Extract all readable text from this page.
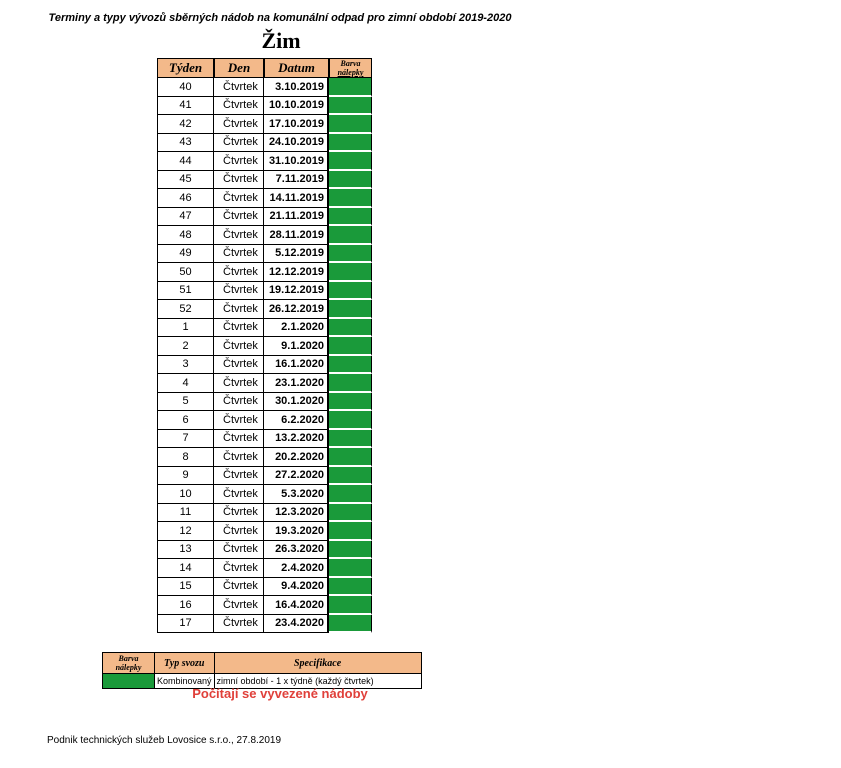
Terminy a typy vývozů sběrných nádob na komunální odpad pro zimní období 2019-2020
Žim
Týden	Den	Datum	Barva
nálepky
40	Čtvrtek	3.10.2019	
41	Čtvrtek	10.10.2019	
42	Čtvrtek	17.10.2019	
43	Čtvrtek	24.10.2019	
44	Čtvrtek	31.10.2019	
45	Čtvrtek	7.11.2019	
46	Čtvrtek	14.11.2019	
47	Čtvrtek	21.11.2019	
48	Čtvrtek	28.11.2019	
49	Čtvrtek	5.12.2019	
50	Čtvrtek	12.12.2019	
51	Čtvrtek	19.12.2019	
52	Čtvrtek	26.12.2019	
1	Čtvrtek	2.1.2020	
2	Čtvrtek	9.1.2020	
3	Čtvrtek	16.1.2020	
4	Čtvrtek	23.1.2020	
5	Čtvrtek	30.1.2020	
6	Čtvrtek	6.2.2020	
7	Čtvrtek	13.2.2020	
8	Čtvrtek	20.2.2020	
9	Čtvrtek	27.2.2020	
10	Čtvrtek	5.3.2020	
11	Čtvrtek	12.3.2020	
12	Čtvrtek	19.3.2020	
13	Čtvrtek	26.3.2020	
14	Čtvrtek	2.4.2020	
15	Čtvrtek	9.4.2020	
16	Čtvrtek	16.4.2020	
17	Čtvrtek	23.4.2020	
Barva
nálepky	Typ svozu	Specifikace
	Kombinovaný	zimní období - 1 x týdně (každý čtvrtek)
Počítají se vyvezené nádoby
Podnik technických služeb Lovosice s.r.o., 27.8.2019
